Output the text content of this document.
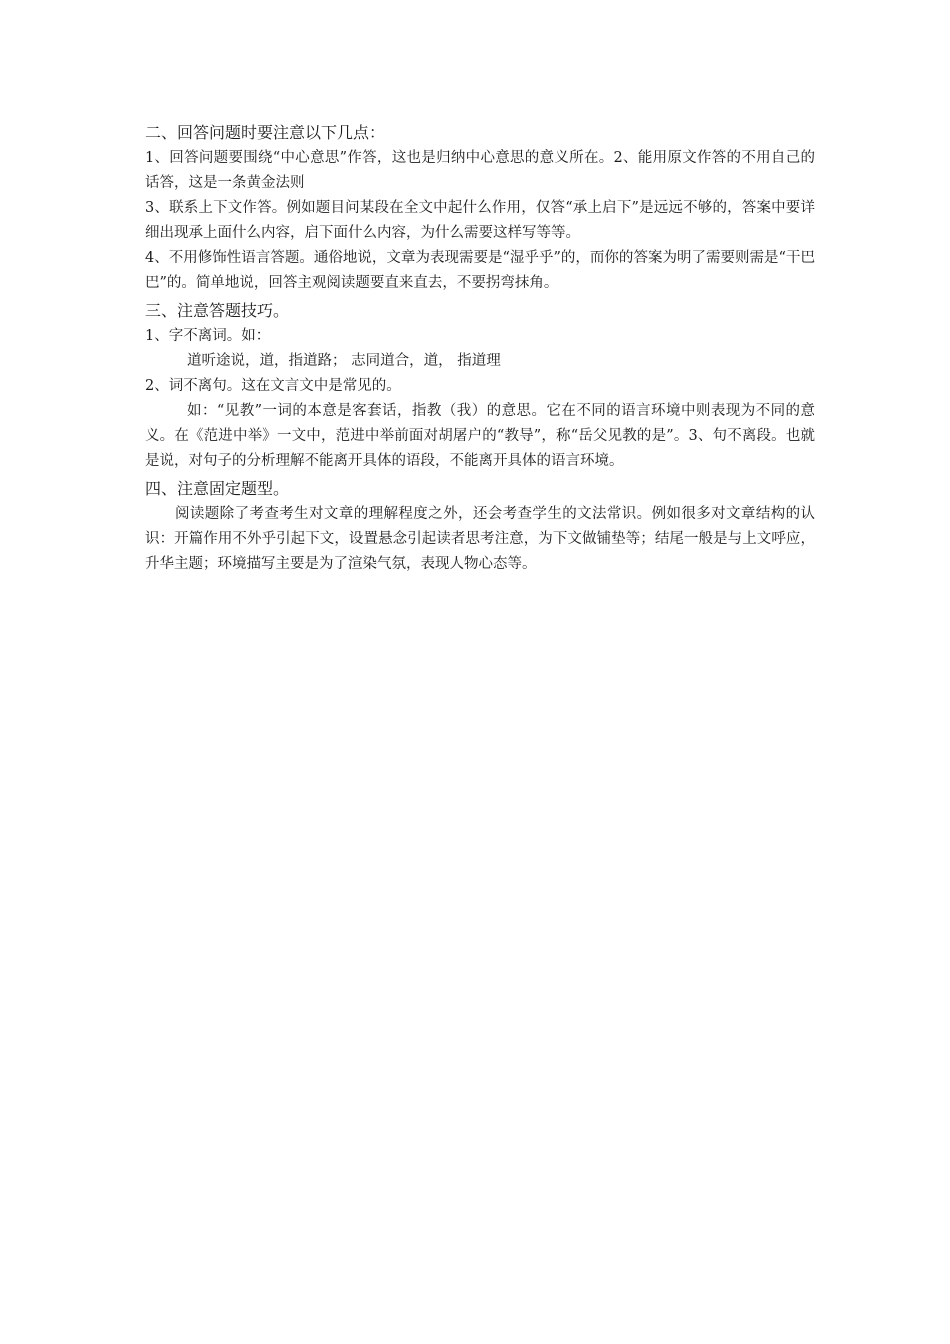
二、回答问题时要注意以下几点：

1、回答问题要围绕“中心意思”作答，这也是归纳中心意思的意义所在。2、能用原文作答的不用自己的话答，这是一条黄金法则

3、联系上下文作答。例如题目问某段在全文中起什么作用，仅答“承上启下”是远远不够的，答案中要详细出现承上面什么内容，启下面什么内容，为什么需要这样写等等。

4、不用修饰性语言答题。通俗地说，文章为表现需要是“湿乎乎”的，而你的答案为明了需要则需是“干巴巴”的。简单地说，回答主观阅读题要直来直去，不要拐弯抹角。

三、注意答题技巧。

1、字不离词。如：

道听途说，道，指道路； 志同道合，道， 指道理

2、词不离句。这在文言文中是常见的。

如：“见教”一词的本意是客套话，指教（我）的意思。它在不同的语言环境中则表现为不同的意义。在《范进中举》一文中，范进中举前面对胡屠户的“教导”，称“岳父见教的是”。3、句不离段。也就是说，对句子的分析理解不能离开具体的语段，不能离开具体的语言环境。

四、注意固定题型。

阅读题除了考查考生对文章的理解程度之外，还会考查学生的文法常识。例如很多对文章结构的认识：开篇作用不外乎引起下文，设置悬念引起读者思考注意，为下文做铺垫等；结尾一般是与上文呼应，升华主题；环境描写主要是为了渲染气氛，表现人物心态等。
